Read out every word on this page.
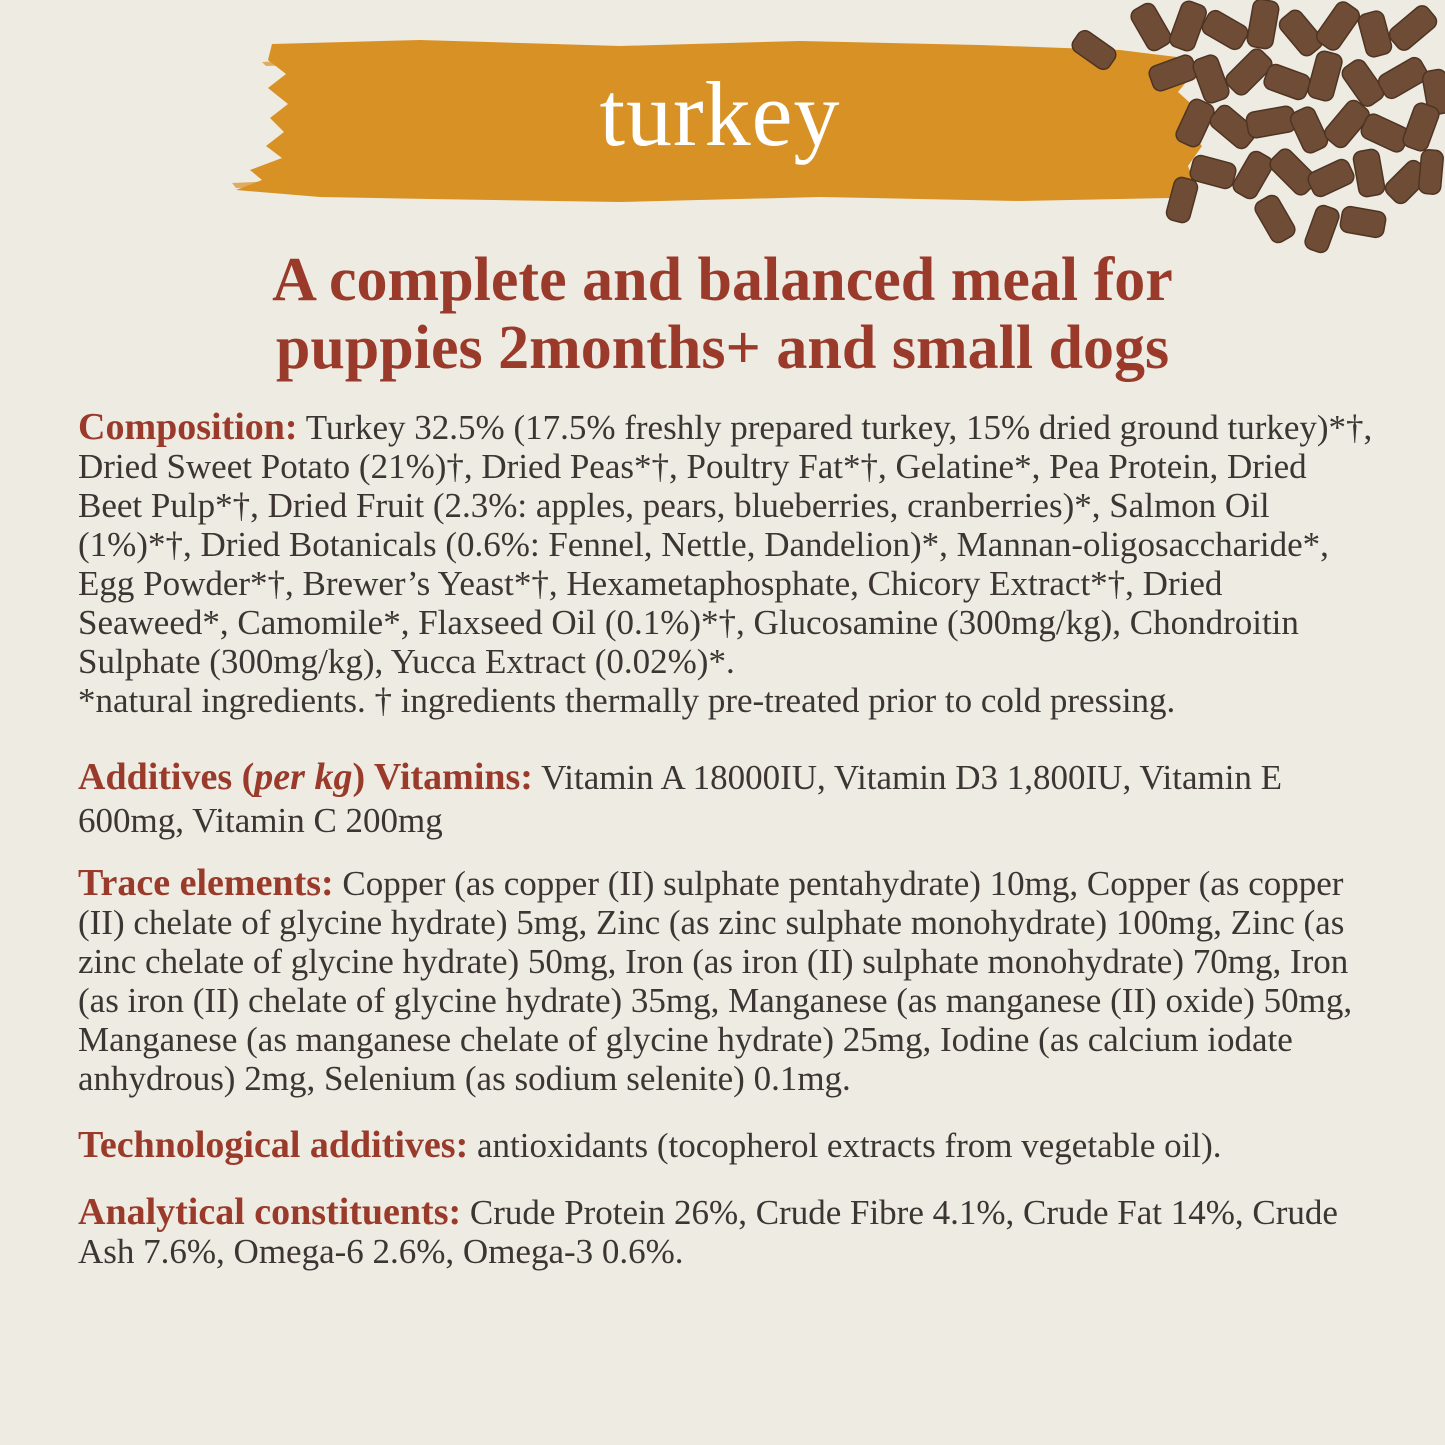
turkey
A complete and balanced meal for
puppies 2months+ and small dogs

Composition: Turkey 32.5% (17.5% freshly prepared turkey, 15% dried ground turkey)*†, Dried Sweet Potato (21%)†, Dried Peas*†, Poultry Fat*†, Gelatine*, Pea Protein, Dried Beet Pulp*†, Dried Fruit (2.3%: apples, pears, blueberries, cranberries)*, Salmon Oil (1%)*†, Dried Botanicals (0.6%: Fennel, Nettle, Dandelion)*, Mannan-oligosaccharide*, Egg Powder*†, Brewer’s Yeast*†, Hexametaphosphate, Chicory Extract*†, Dried Seaweed*, Camomile*, Flaxseed Oil (0.1%)*†, Glucosamine (300mg/kg), Chondroitin Sulphate (300mg/kg), Yucca Extract (0.02%)*.
*natural ingredients. † ingredients thermally pre-treated prior to cold pressing.

Additives (per kg) Vitamins: Vitamin A 18000IU, Vitamin D3 1,800IU, Vitamin E 600mg, Vitamin C 200mg

Trace elements: Copper (as copper (II) sulphate pentahydrate) 10mg, Copper (as copper (II) chelate of glycine hydrate) 5mg, Zinc (as zinc sulphate monohydrate) 100mg, Zinc (as zinc chelate of glycine hydrate) 50mg, Iron (as iron (II) sulphate monohydrate) 70mg, Iron (as iron (II) chelate of glycine hydrate) 35mg, Manganese (as manganese (II) oxide) 50mg, Manganese (as manganese chelate of glycine hydrate) 25mg, Iodine (as calcium iodate anhydrous) 2mg, Selenium (as sodium selenite) 0.1mg.

Technological additives: antioxidants (tocopherol extracts from vegetable oil).

Analytical constituents: Crude Protein 26%, Crude Fibre 4.1%, Crude Fat 14%, Crude Ash 7.6%, Omega-6 2.6%, Omega-3 0.6%.
